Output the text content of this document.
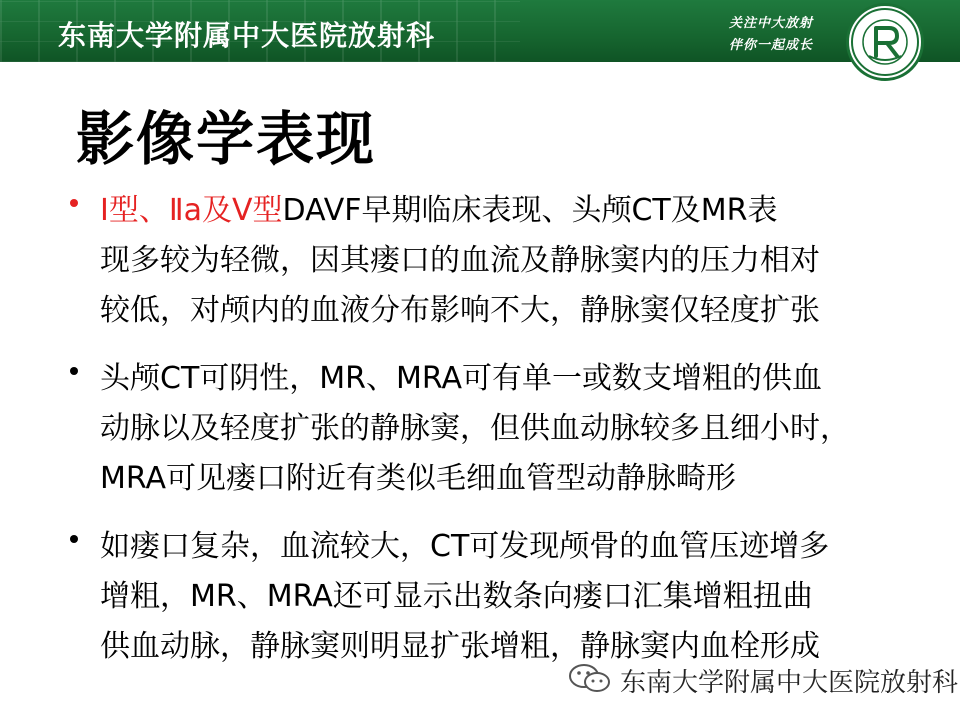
东南大学附属中大医院放射科	关注中大放射
伴你一起成长
影像学表现
Ⅰ型、Ⅱa及Ⅴ型DAVF早期临床表现、头颅CT及MR表
现多较为轻微，因其瘘口的血流及静脉窦内的压力相对
较低，对颅内的血液分布影响不大，静脉窦仅轻度扩张
头颅CT可阴性，MR、MRA可有单一或数支增粗的供血
动脉以及轻度扩张的静脉窦，但供血动脉较多且细小时，
MRA可见瘘口附近有类似毛细血管型动静脉畸形
如瘘口复杂，血流较大，CT可发现颅骨的血管压迹增多
增粗，MR、MRA还可显示出数条向瘘口汇集增粗扭曲
供血动脉，静脉窦则明显扩张增粗，静脉窦内血栓形成
东南大学附属中大医院放射科
